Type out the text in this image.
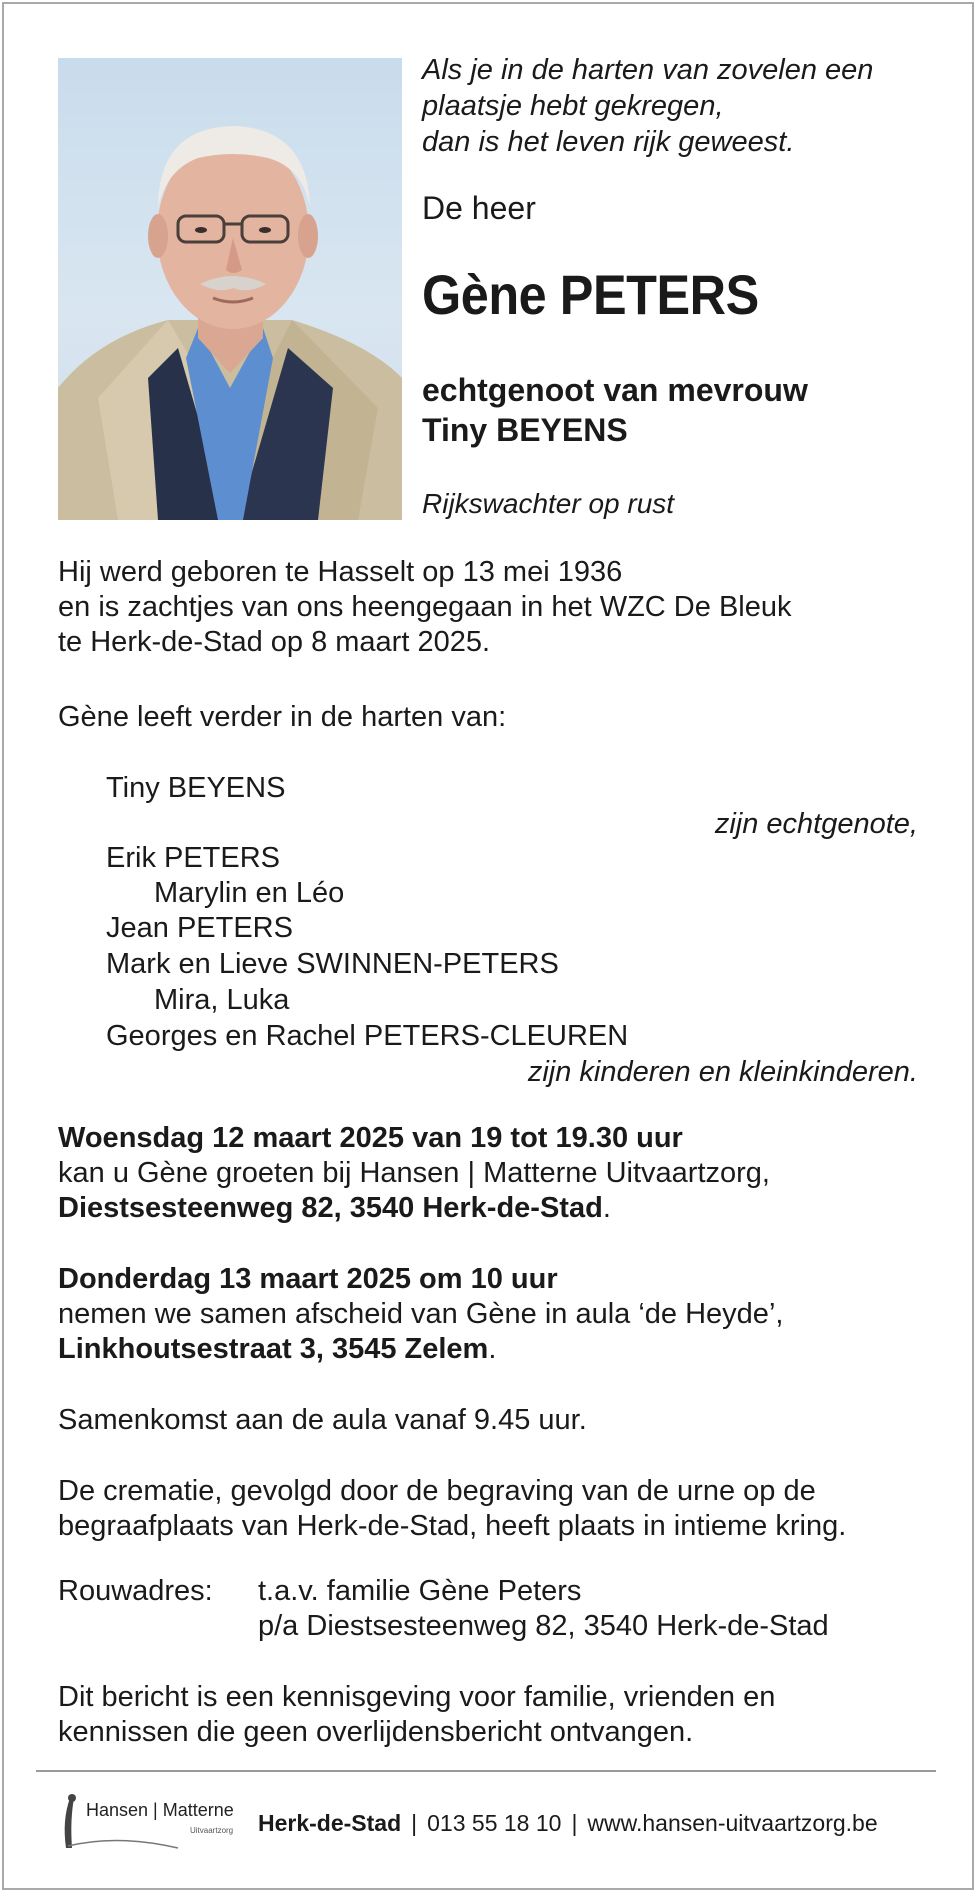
Als je in de harten van zovelen een
plaatsje hebt gekregen,
dan is het leven rijk geweest.

De heer

Gène PETERS

echtgenoot van mevrouw
Tiny BEYENS

Rijkswachter op rust

Hij werd geboren te Hasselt op 13 mei 1936
en is zachtjes van ons heengegaan in het WZC De Bleuk
te Herk-de-Stad op 8 maart 2025.

Gène leeft verder in de harten van:

Tiny BEYENS

zijn echtgenote,

Erik PETERS

Marylin en Léo

Jean PETERS

Mark en Lieve SWINNEN-PETERS

Mira, Luka

Georges en Rachel PETERS-CLEUREN

zijn kinderen en kleinkinderen.

Woensdag 12 maart 2025 van 19 tot 19.30 uur
kan u Gène groeten bij Hansen | Matterne Uitvaartzorg,
Diestsesteenweg 82, 3540 Herk-de-Stad.

Donderdag 13 maart 2025 om 10 uur
nemen we samen afscheid van Gène in aula ‘de Heyde’,
Linkhoutsestraat 3, 3545 Zelem.

Samenkomst aan de aula vanaf 9.45 uur.

De crematie, gevolgd door de begraving van de urne op de
begraafplaats van Herk-de-Stad, heeft plaats in intieme kring.

Rouwadres: t.a.v. familie Gène Peters
p/a Diestsesteenweg 82, 3540 Herk-de-Stad

Dit bericht is een kennisgeving voor familie, vrienden en
kennissen die geen overlijdensbericht ontvangen.

Hansen | Matterne
Uitvaartzorg Herk-de-Stad | 013 55 18 10 | www.hansen-uitvaartzorg.be
